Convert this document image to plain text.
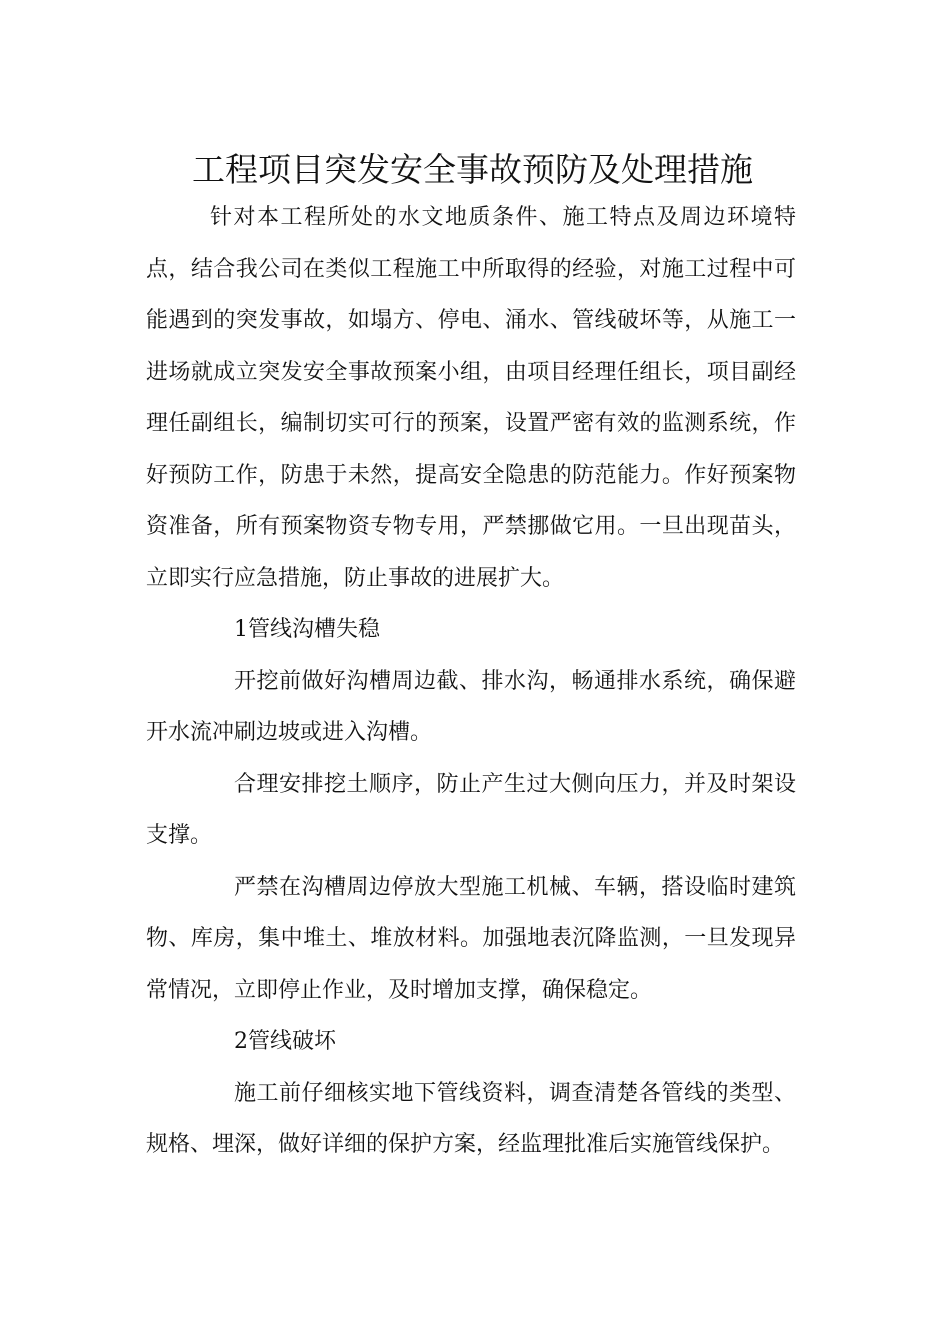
工程项目突发安全事故预防及处理措施

针对本工程所处的水文地质条件、施工特点及周边环境特点，结合我公司在类似工程施工中所取得的经验，对施工过程中可能遇到的突发事故，如塌方、停电、涌水、管线破坏等，从施工一进场就成立突发安全事故预案小组，由项目经理任组长，项目副经理任副组长，编制切实可行的预案，设置严密有效的监测系统，作好预防工作，防患于未然，提高安全隐患的防范能力。作好预案物资准备，所有预案物资专物专用，严禁挪做它用。一旦出现苗头，立即实行应急措施，防止事故的进展扩大。

1管线沟槽失稳

开挖前做好沟槽周边截、排水沟，畅通排水系统，确保避开水流冲刷边坡或进入沟槽。

合理安排挖土顺序，防止产生过大侧向压力，并及时架设支撑。

严禁在沟槽周边停放大型施工机械、车辆，搭设临时建筑物、库房，集中堆土、堆放材料。加强地表沉降监测，一旦发现异常情况，立即停止作业，及时增加支撑，确保稳定。

2管线破坏

施工前仔细核实地下管线资料，调查清楚各管线的类型、规格、埋深，做好详细的保护方案，经监理批准后实施管线保护。
